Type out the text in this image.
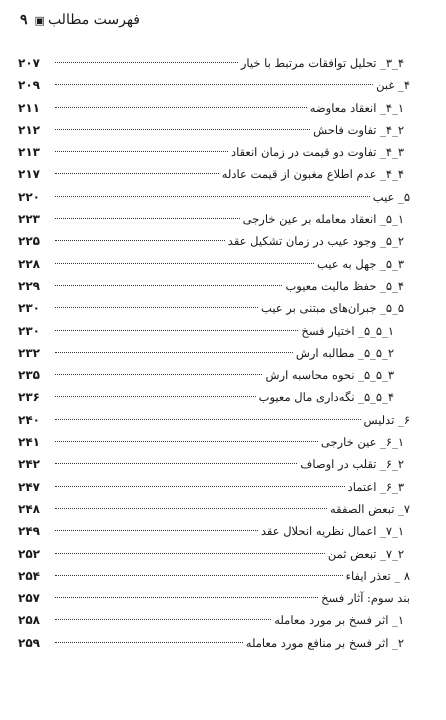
فهرست مطالب
▣
۹
۴_۳_ تحلیل توافقات مرتبط با خیار
۲۰۷
۴_ غبن
۲۰۹
۱_۴_ انعقاد معاوضه
۲۱۱
۲_۴_ تفاوت فاحش
۲۱۲
۳_۴_ تفاوت دو قیمت در زمان انعقاد
۲۱۳
۴_۴_ عدم اطلاع مغبون از قیمت عادله
۲۱۷
۵_ عیب
۲۲۰
۱_۵_ انعقاد معامله بر عین خارجی
۲۲۳
۲_۵_ وجود عیب در زمان تشکیل عقد
۲۲۵
۳_۵_ جهل به عیب
۲۲۸
۴_۵_ حفظ مالیت معیوب
۲۲۹
۵_۵_ جبران‌های مبتنی بر عیب
۲۳۰
۱_۵_۵_ اختیار فسخ
۲۳۰
۲_۵_۵_ مطالبه ارش
۲۳۲
۳_۵_۵_ نحوه محاسبه ارش
۲۳۵
۴_۵_۵_ نگه‌داری مال معیوب
۲۳۶
۶_ تدلیس
۲۴۰
۱_۶_ عین خارجی
۲۴۱
۲_۶_ تقلب در اوصاف
۲۴۲
۳_۶_ اعتماد
۲۴۷
۷_ تبعض الصفقه
۲۴۸
۱_۷_ اعمال نظریه انحلال عقد
۲۴۹
۲_۷_ تبعض ثمن
۲۵۲
۸ _ تعذر ایفاء
۲۵۴
بند سوم: آثار فسخ
۲۵۷
۱_ اثر فسخ بر مورد معامله
۲۵۸
۲_ اثر فسخ بر منافع مورد معامله
۲۵۹
